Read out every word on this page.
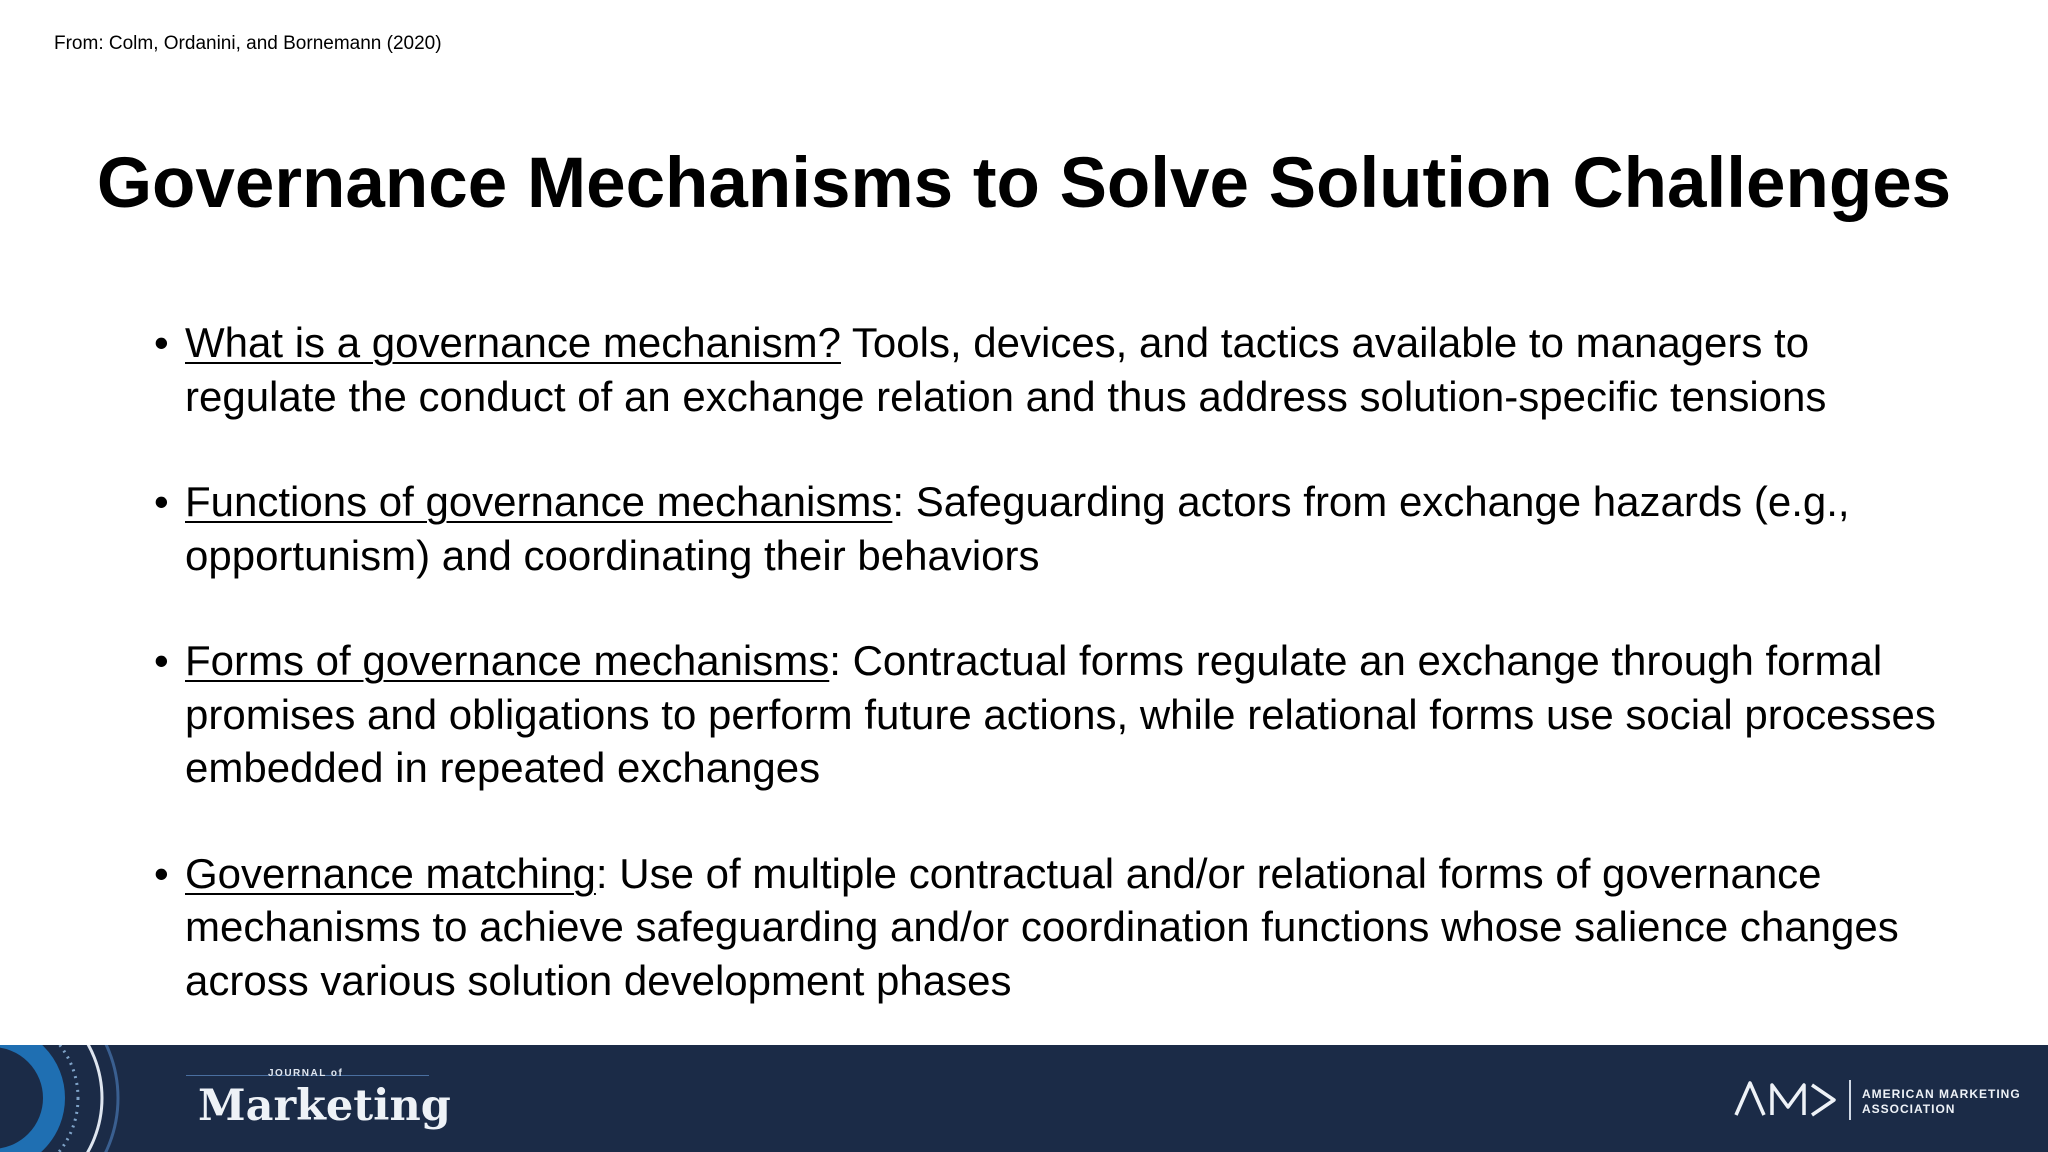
From: Colm, Ordanini, and Bornemann (2020)
Governance Mechanisms to Solve Solution Challenges
• What is a governance mechanism? Tools, devices, and tactics available to managers to regulate the conduct of an exchange relation and thus address solution-specific tensions
• Functions of governance mechanisms: Safeguarding actors from exchange hazards (e.g., opportunism) and coordinating their behaviors
• Forms of governance mechanisms: Contractual forms regulate an exchange through formal promises and obligations to perform future actions, while relational forms use social processes embedded in repeated exchanges
• Governance matching: Use of multiple contractual and/or relational forms of governance mechanisms to achieve safeguarding and/or coordination functions whose salience changes across various solution development phases
JOURNAL of
Marketing
AM>
AMERICAN MARKETING
ASSOCIATION
